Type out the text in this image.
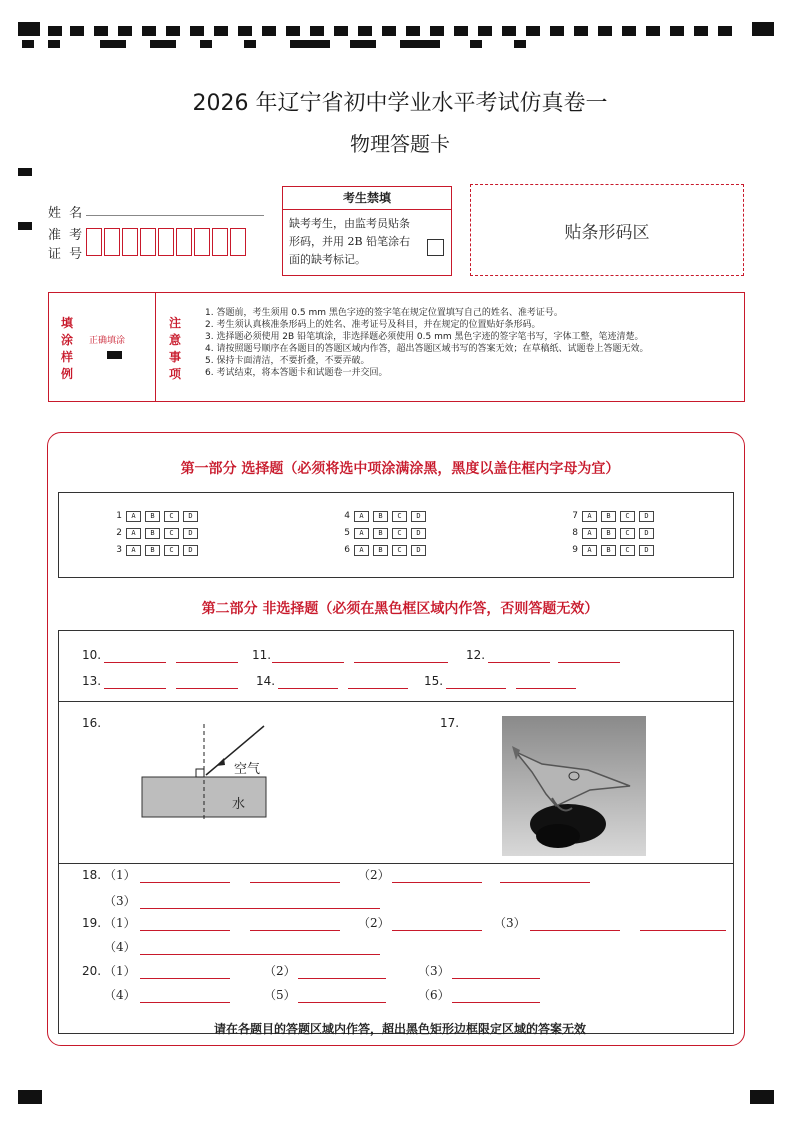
2026 年辽宁省初中学业水平考试仿真卷一
物理答题卡
姓 名
准 考
证 号
考生禁填
缺考考生，由监考员贴条形码，并用 2B 铅笔涂右面的缺考标记。
贴条形码区
填涂样例
正确填涂
注意事项
1. 答题前，考生须用 0.5 mm 黑色字迹的签字笔在规定位置填写自己的姓名、准考证号。
2. 考生须认真核准条形码上的姓名、准考证号及科目，并在规定的位置贴好条形码。
3. 选择题必须使用 2B 铅笔填涂，非选择题必须使用 0.5 mm 黑色字迹的签字笔书写，字体工整，笔迹清楚。
4. 请按照题号顺序在各题目的答题区域内作答，超出答题区域书写的答案无效；在草稿纸、试题卷上答题无效。
5. 保持卡面清洁，不要折叠，不要弄破。
6. 考试结束，将本答题卡和试题卷一并交回。
第一部分 选择题（必须将选中项涂满涂黑，黑度以盖住框内字母为宜）
1 A B C D
2 A B C D
3 A B C D
4 A B C D
5 A B C D
6 A B C D
7 A B C D
8 A B C D
9 A B C D
第二部分 非选择题（必须在黑色框区域内作答，否则答题无效）
10.	11.	12.
13.	14.	15.
16.
空气
水
17.
18. （1）	（2）
（3）
19. （1）	（2）	（3）
（4）
20. （1）	（2）	（3）
（4）	（5）	（6）
请在各题目的答题区域内作答，超出黑色矩形边框限定区域的答案无效
